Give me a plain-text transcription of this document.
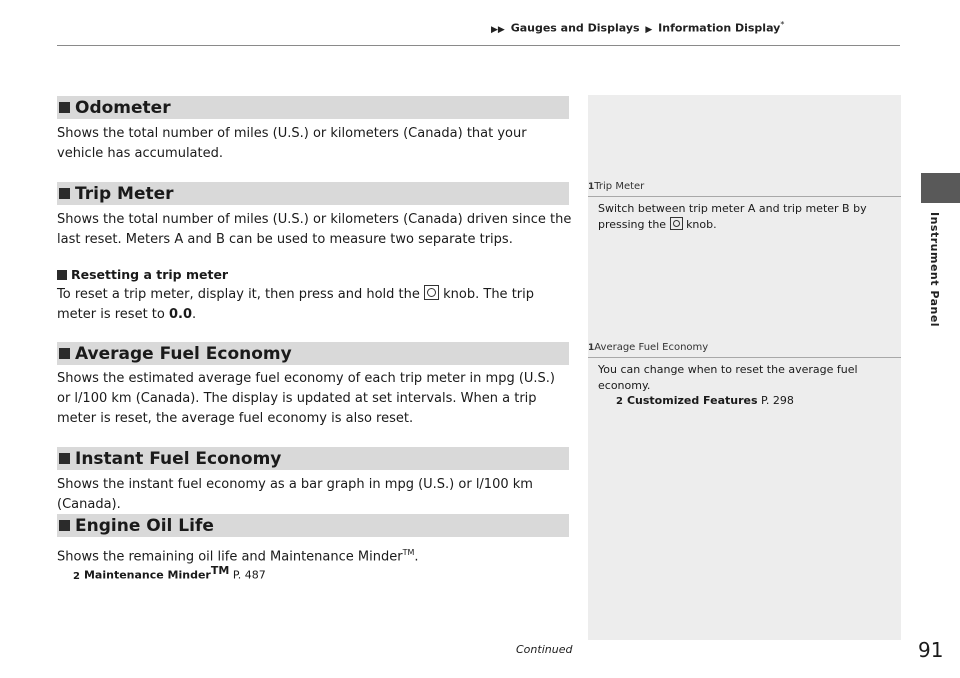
▶▶ Gauges and Displays ▶ Information Display*
Instrument Panel
Odometer
Shows the total number of miles (U.S.) or kilometers (Canada) that your vehicle has accumulated.
Trip Meter
Shows the total number of miles (U.S.) or kilometers (Canada) driven since the last reset. Meters A and B can be used to measure two separate trips.
Resetting a trip meter
To reset a trip meter, display it, then press and hold the knob. The trip meter is reset to 0.0.
Average Fuel Economy
Shows the estimated average fuel economy of each trip meter in mpg (U.S.) or l/100 km (Canada). The display is updated at set intervals. When a trip meter is reset, the average fuel economy is also reset.
Instant Fuel Economy
Shows the instant fuel economy as a bar graph in mpg (U.S.) or l/100 km (Canada).
Engine Oil Life
Shows the remaining oil life and Maintenance Minder™.
2 Maintenance MinderTM P. 487
1Trip Meter
Switch between trip meter A and trip meter B by pressing the knob.
1Average Fuel Economy
You can change when to reset the average fuel economy.
2 Customized Features P. 298
Continued	91
